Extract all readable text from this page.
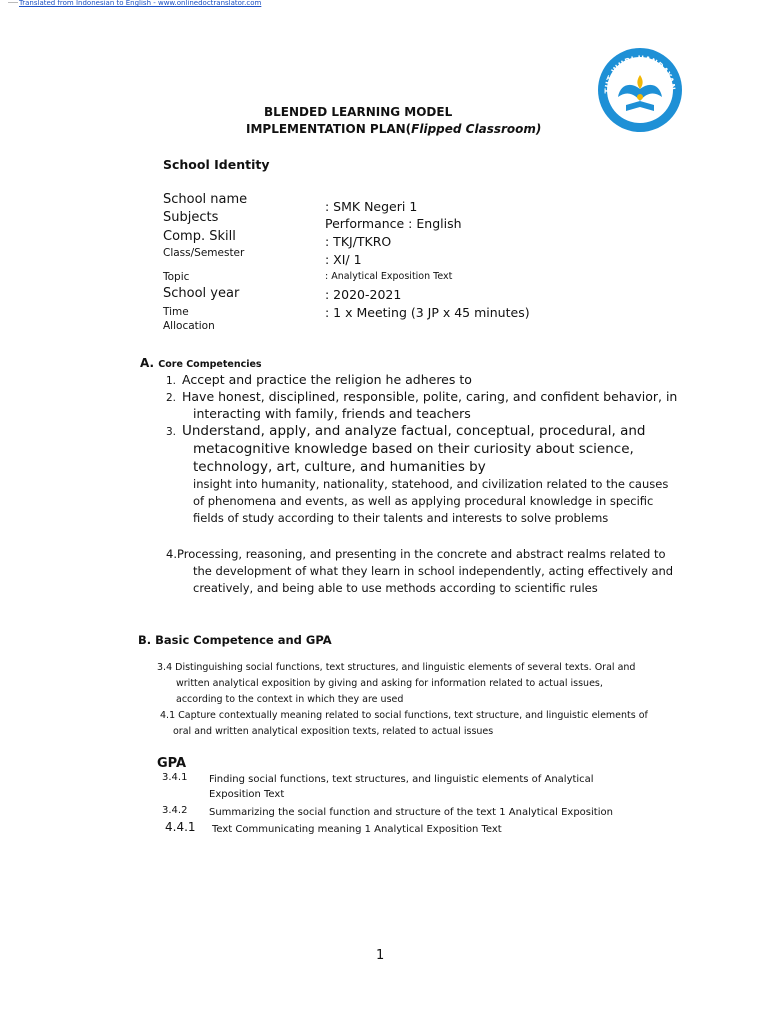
Translated from Indonesian to English - www.onlinedoctranslator.com
TUT WURI HANDAYAN
BLENDED LEARNING MODEL
IMPLEMENTATION PLAN(Flipped Classroom)
School Identity
School name
Subjects
Comp. Skill
Class/Semester
Topic
School year
Time
Allocation
: SMK Negeri 1
Performance : English
: TKJ/TKRO
: XI/ 1
: Analytical Exposition Text
: 2020-2021
: 1 x Meeting (3 JP x 45 minutes)
A. Core Competencies
1. Accept and practice the religion he adheres to
2. Have honest, disciplined, responsible, polite, caring, and confident behavior, in
interacting with family, friends and teachers
3. Understand, apply, and analyze factual, conceptual, procedural, and
metacognitive knowledge based on their curiosity about science,
technology, art, culture, and humanities by
insight into humanity, nationality, statehood, and civilization related to the causes
of phenomena and events, as well as applying procedural knowledge in specific
fields of study according to their talents and interests to solve problems
4.Processing, reasoning, and presenting in the concrete and abstract realms related to
the development of what they learn in school independently, acting effectively and
creatively, and being able to use methods according to scientific rules
B. Basic Competence and GPA
3.4 Distinguishing social functions, text structures, and linguistic elements of several texts. Oral and
written analytical exposition by giving and asking for information related to actual issues,
according to the context in which they are used
4.1 Capture contextually meaning related to social functions, text structure, and linguistic elements of
oral and written analytical exposition texts, related to actual issues
GPA
3.4.1 Finding social functions, text structures, and linguistic elements of Analytical
Exposition Text
3.4.2 Summarizing the social function and structure of the text 1 Analytical Exposition
4.4.1 Text Communicating meaning 1 Analytical Exposition Text
1
